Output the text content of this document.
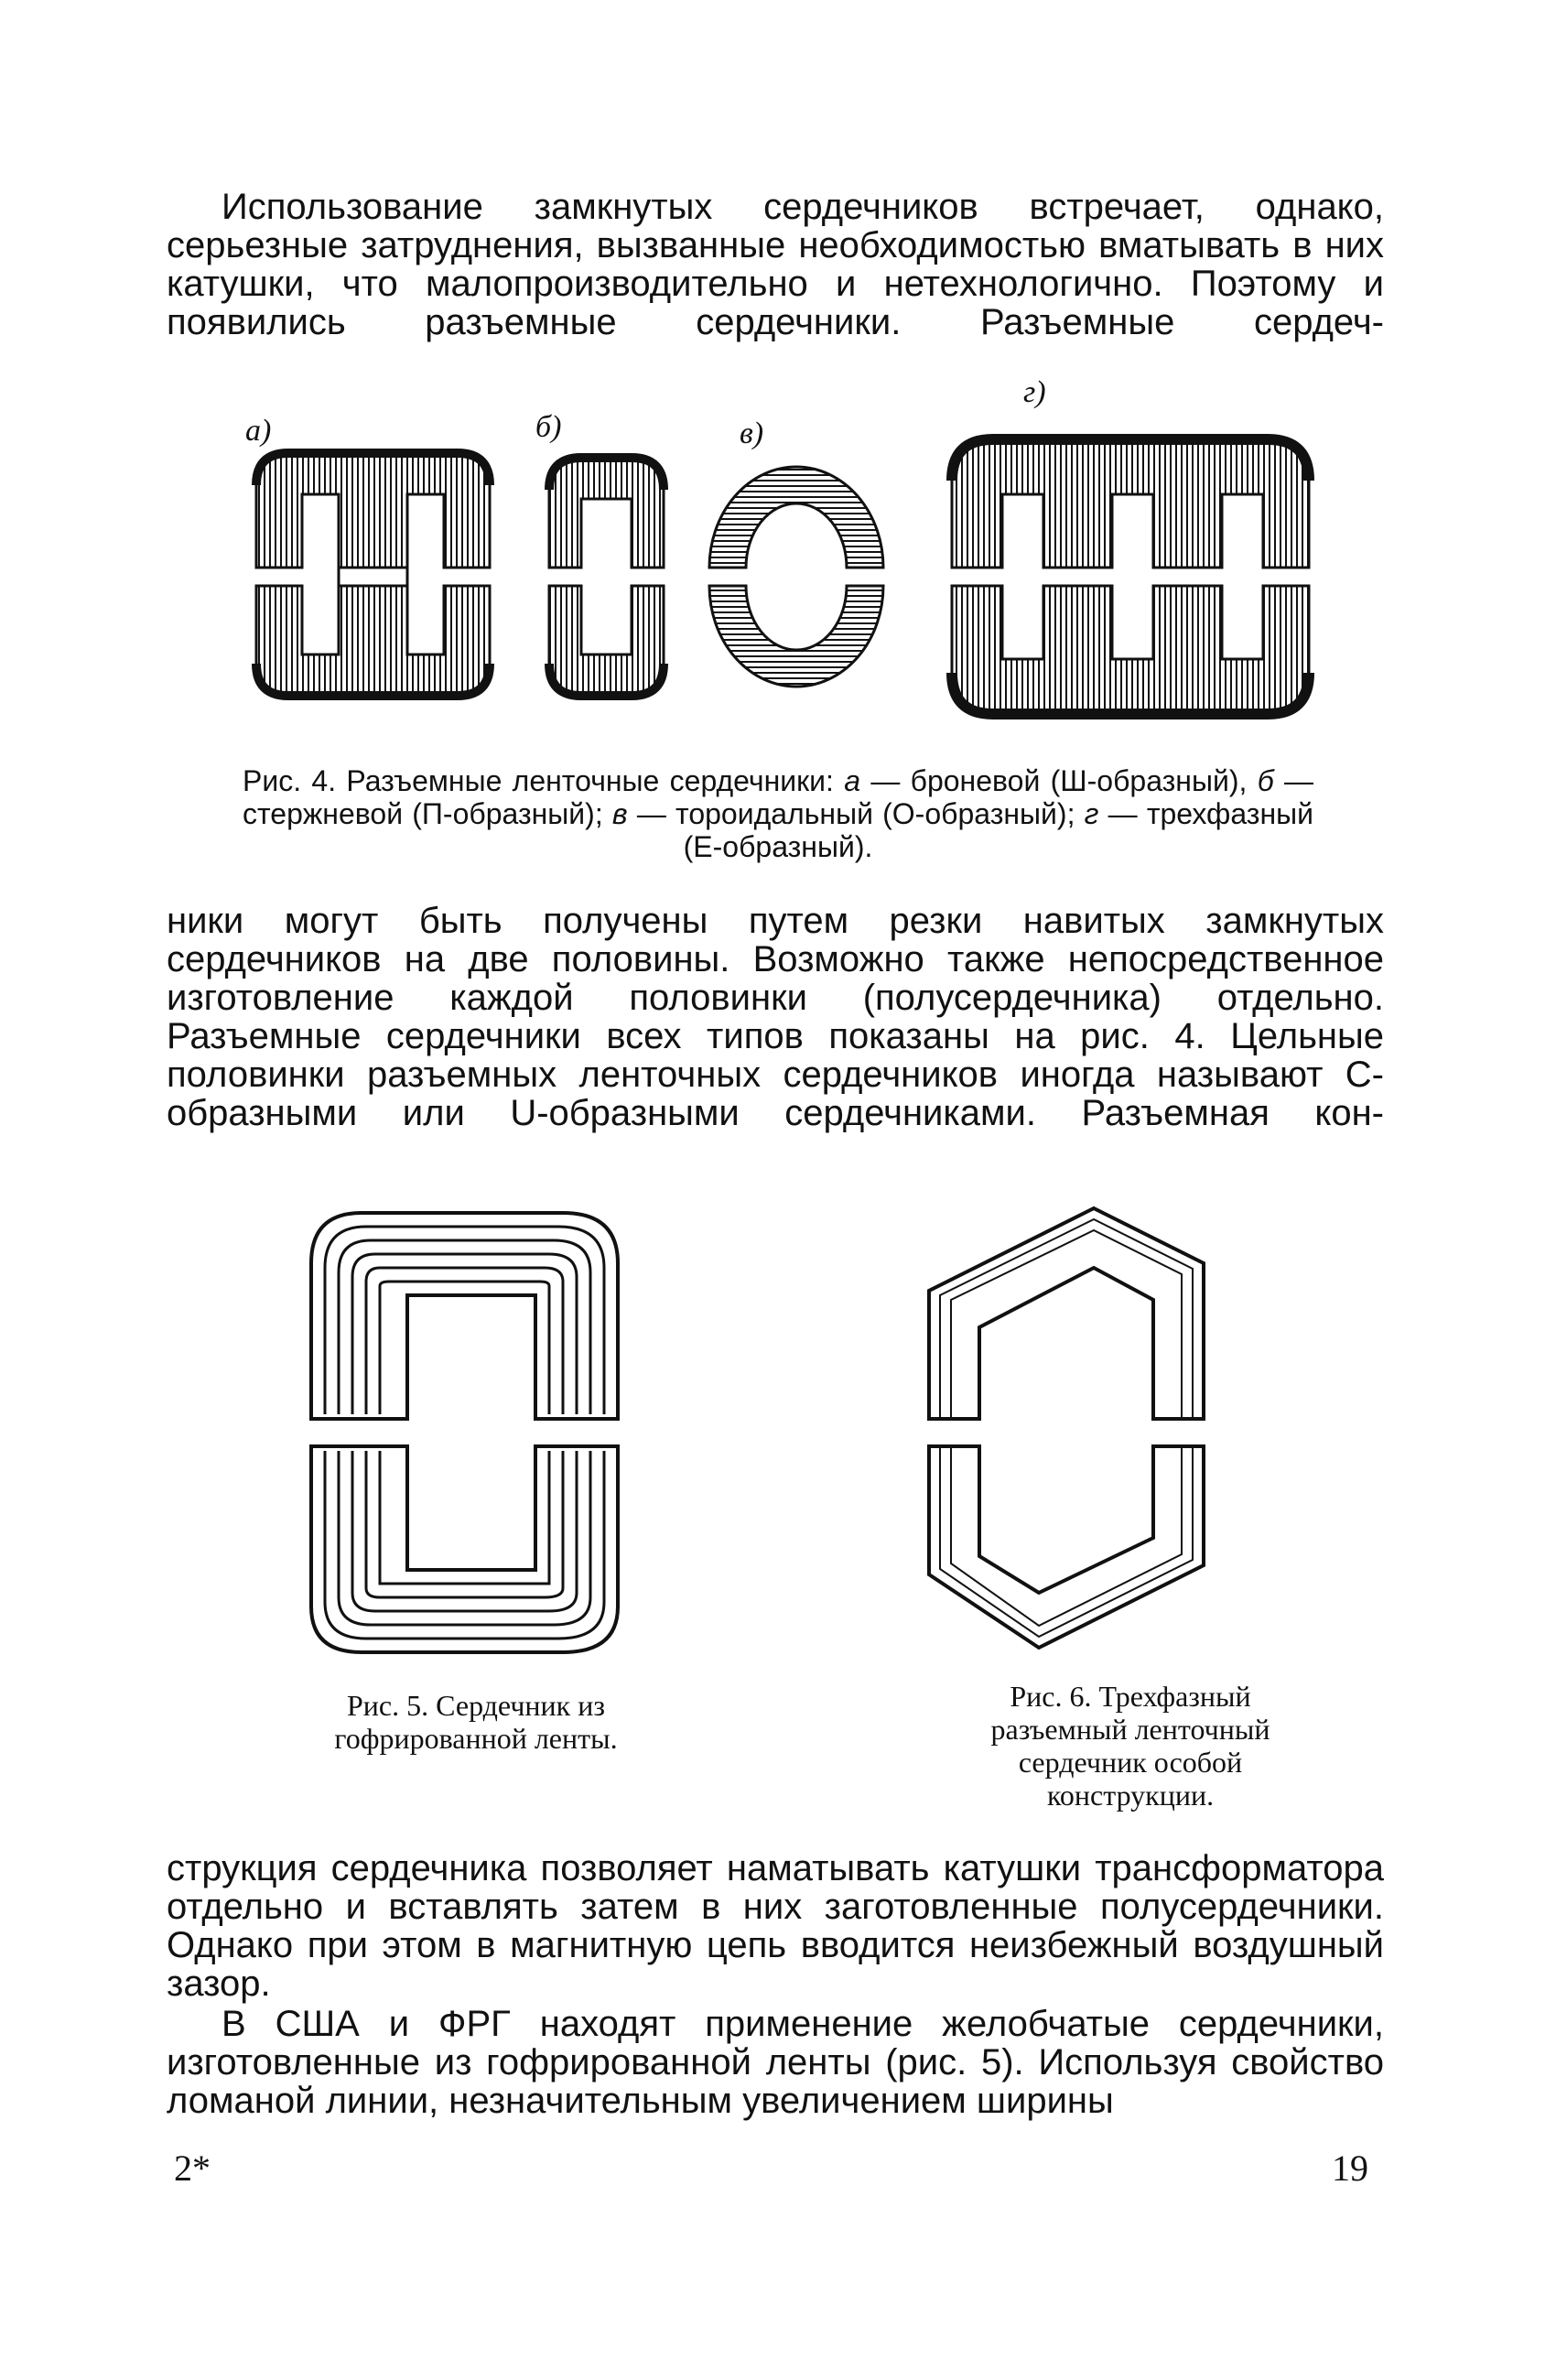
Использование замкнутых сердечников встречает, однако, серьезные затруднения, вызванные необходимостью вматывать в них катушки, что малопроизводительно и нетехнологично. Поэтому и появились разъемные сердечники. Разъемные сердеч-

а)	б)	в)
г)

Рис. 4. Разъемные ленточные сердечники: а — броневой (Ш-образный), б — стержневой (П-образный); в — тороидальный (О-образный); г — трехфазный (Е-образный).

ники могут быть получены путем резки навитых замкнутых сердечников на две половины. Возможно также непосредственное изготовление каждой половинки (полусердечника) отдельно. Разъемные сердечники всех типов показаны на рис. 4. Цельные половинки разъемных ленточных сердечников иногда называют С-образными или U-образными сердечниками. Разъемная кон-

Рис. 5. Сердечник из гофрированной ленты.

Рис. 6. Трехфазный разъемный ленточный сердечник особой конструкции.

струкция сердечника позволяет наматывать катушки трансформатора отдельно и вставлять затем в них заготовленные полусердечники. Однако при этом в магнитную цепь вводится неизбежный воздушный зазор.

В США и ФРГ находят применение желобчатые сердечники, изготовленные из гофрированной ленты (рис. 5). Используя свойство ломаной линии, незначительным увеличением ширины

2*	19
